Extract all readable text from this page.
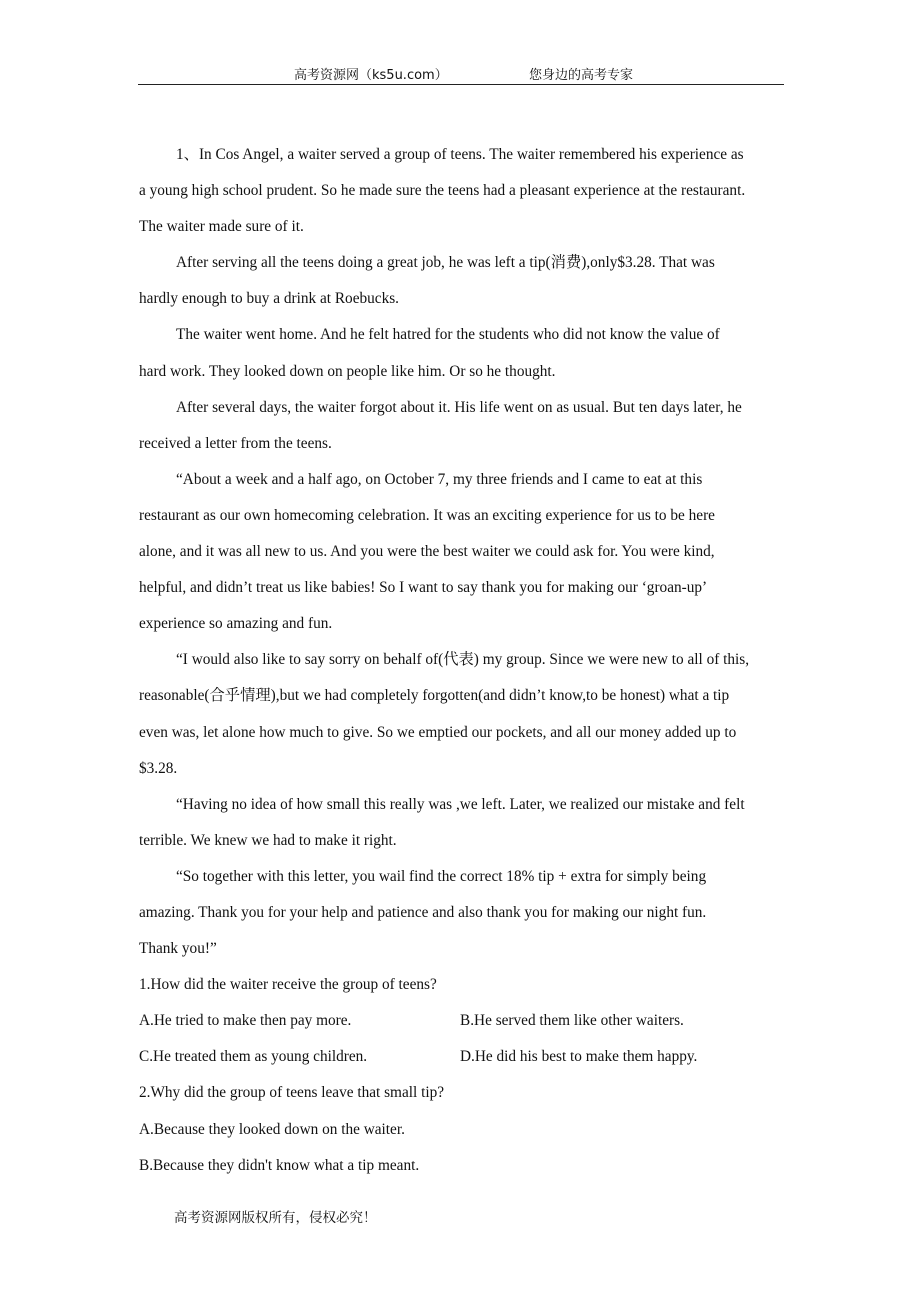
高考资源网（ks5u.com）	您身边的高考专家
1、In Cos Angel, a waiter served a group of teens. The waiter remembered his experience as
a young high school prudent. So he made sure the teens had a pleasant experience at the restaurant.
The waiter made sure of it.
After serving all the teens doing a great job, he was left a tip(消费),only$3.28. That was
hardly enough to buy a drink at Roebucks.
The waiter went home. And he felt hatred for the students who did not know the value of
hard work. They looked down on people like him. Or so he thought.
After several days, the waiter forgot about it. His life went on as usual. But ten days later, he
received a letter from the teens.
“About a week and a half ago, on October 7, my three friends and I came to eat at this
restaurant as our own homecoming celebration. It was an exciting experience for us to be here
alone, and it was all new to us. And you were the best waiter we could ask for. You were kind,
helpful, and didn’t treat us like babies! So I want to say thank you for making our ‘groan-up’
experience so amazing and fun.
“I would also like to say sorry on behalf of(代表) my group. Since we were new to all of this,
reasonable(合乎情理),but we had completely forgotten(and didn’t know,to be honest) what a tip
even was, let alone how much to give. So we emptied our pockets, and all our money added up to
$3.28.
“Having no idea of how small this really was ,we left. Later, we realized our mistake and felt
terrible. We knew we had to make it right.
“So together with this letter, you wail find the correct 18% tip + extra for simply being
amazing. Thank you for your help and patience and also thank you for making our night fun.
Thank you!”
1.How did the waiter receive the group of teens?
A.He tried to make then pay more.	B.He served them like other waiters.
C.He treated them as young children.	D.He did his best to make them happy.
2.Why did the group of teens leave that small tip?
A.Because they looked down on the waiter.
B.Because they didn't know what a tip meant.
高考资源网版权所有，侵权必究！
